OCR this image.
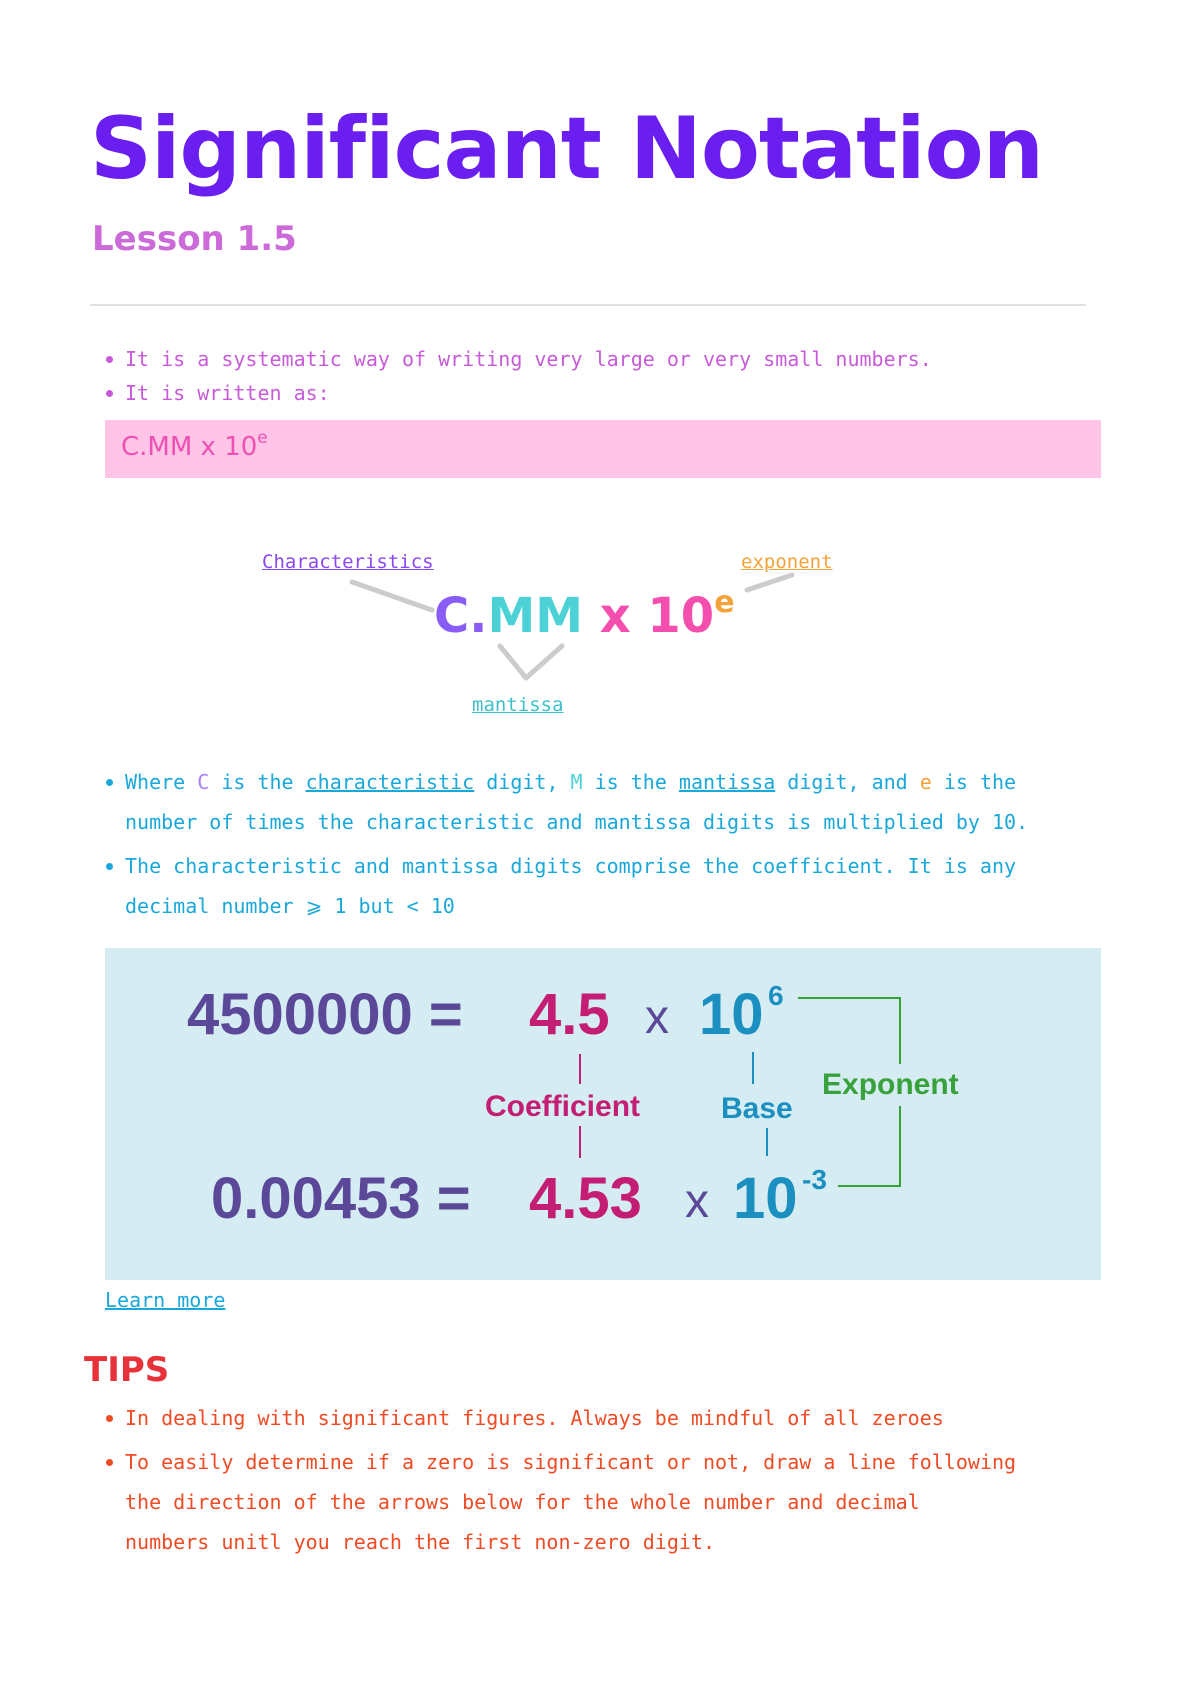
Significant Notation
Lesson 1.5
It is a systematic way of writing very large or very small numbers.
It is written as:
C.MM x 10e
Characteristics	exponent
mantissa
C.MM x 10e
Where C is the characteristic digit, M is the mantissa digit, and e is the
number of times the characteristic and mantissa digits is multiplied by 10.
The characteristic and mantissa digits comprise the coefficient. It is any
decimal number ⩾ 1 but < 10
4500000 = 4.5 x 10 6
Coefficient	Base
Exponent
0.00453 = 4.53 x 10 -3
Learn more
TIPS
In dealing with significant figures. Always be mindful of all zeroes
To easily determine if a zero is significant or not, draw a line following
the direction of the arrows below for the whole number and decimal
numbers unitl you reach the first non-zero digit.
